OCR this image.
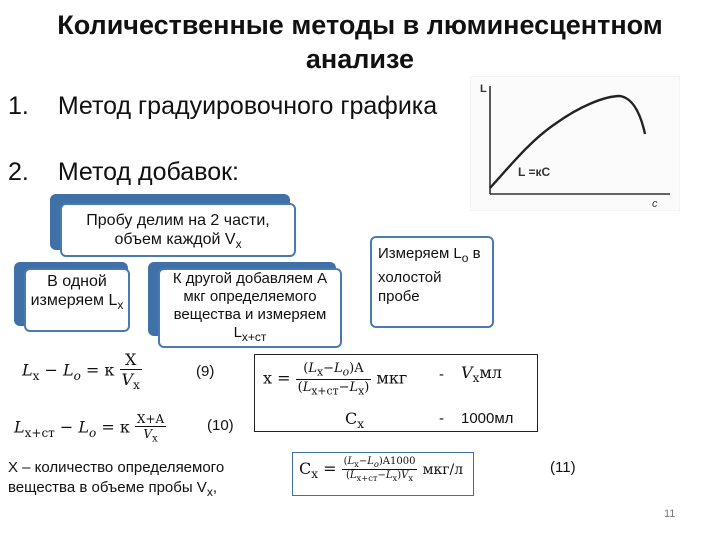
Количественные методы в люминесцентном анализе
1. Метод градуировочного графика
2. Метод добавок:
L
c
L =кC
Пробу делим на 2 части, объем каждой $V_x$
В одной измеряем $L_x$
К другой добавляем А мкг определяемого вещества и измеряем $L_{x+ст}$
Измеряем $L_o$ в холостой пробе
$L_x - L_o = к \frac{X}{V_x}$	(9)
$L_{x+ст} - L_o = к \frac{X+A}{V_x}$	(10)
$x = \frac{(L_x-L_o)A}{(L_{x+ст}-L_x)}$ мкг - $V_xмл$
$C_x$	- 1000мл
$C_x = \frac{(L_x-L_o)A1000}{(L_{x+ст}-L_x)V_x} мкг/л$	(11)
Х – количество определяемого вещества в объеме пробы $V_x$,
11
